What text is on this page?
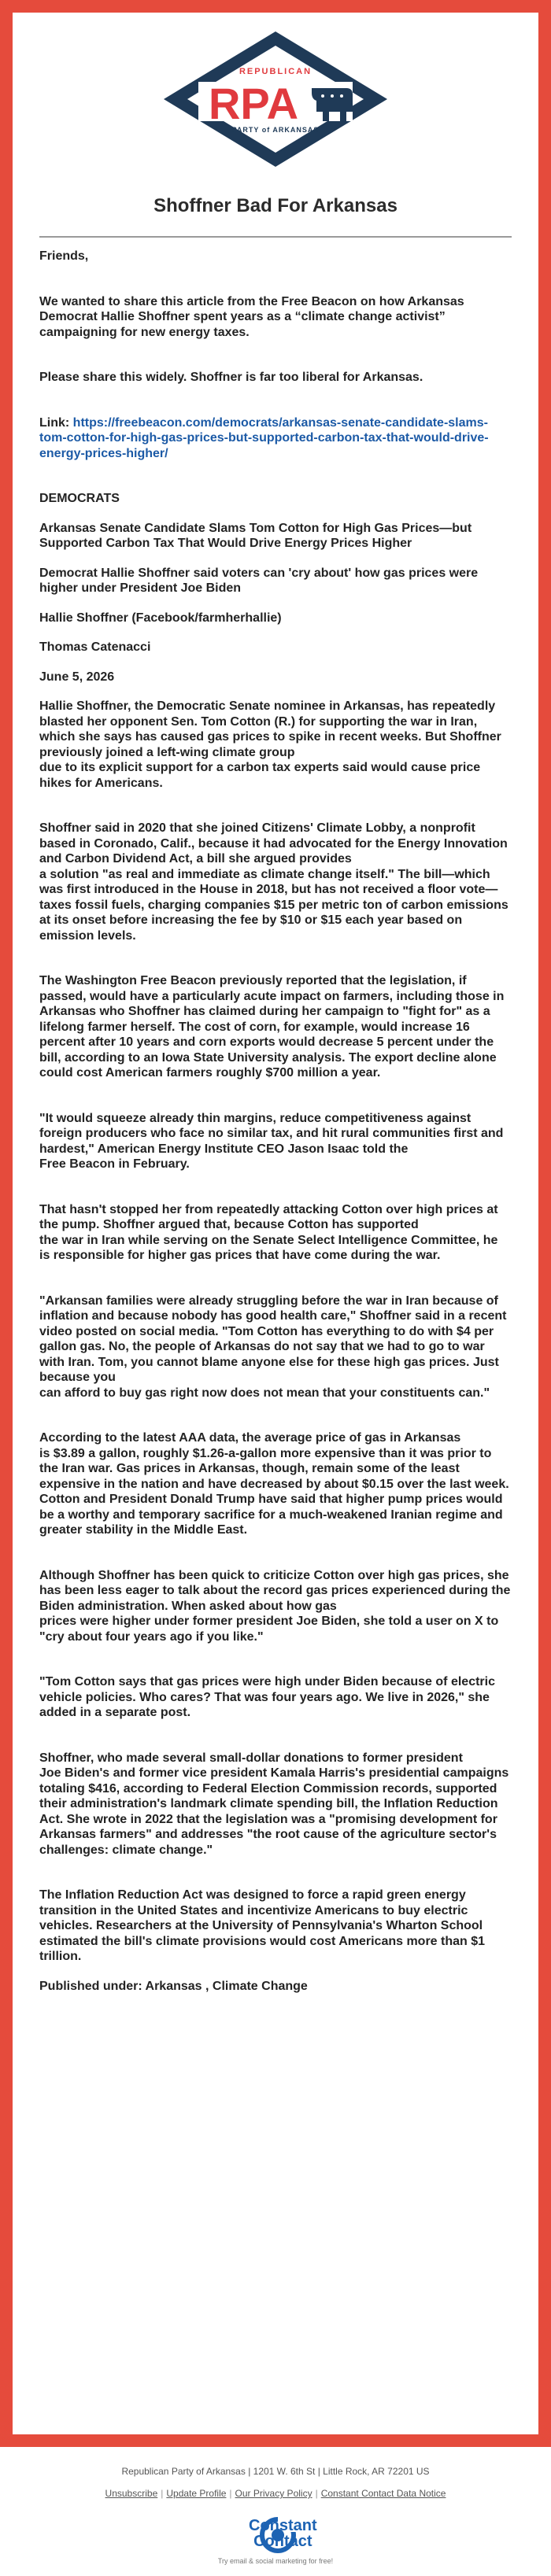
REPUBLICAN
RPA
PARTY of ARKANSAS
Shoffner Bad For Arkansas

Friends,

We wanted to share this article from the Free Beacon on how Arkansas
Democrat Hallie Shoffner spent years as a “climate change activist”
campaigning for new energy taxes.

Please share this widely. Shoffner is far too liberal for Arkansas.

Link: https://freebeacon.com/democrats/arkansas-senate-candidate-slams-tom-cotton-for-high-gas-prices-but-supported-carbon-tax-that-would-drive-energy-prices-higher/

DEMOCRATS

Arkansas Senate Candidate Slams Tom Cotton for High Gas Prices—but
Supported Carbon Tax That Would Drive Energy Prices Higher

Democrat Hallie Shoffner said voters can 'cry about' how gas prices were higher under President Joe Biden

Hallie Shoffner (Facebook/farmherhallie)

Thomas Catenacci

June 5, 2026

Hallie Shoffner, the Democratic Senate nominee in Arkansas, has repeatedly blasted her opponent Sen. Tom Cotton (R.) for supporting the war in Iran, which she says has caused gas prices to spike in recent weeks. But Shoffner previously joined a left-wing climate group
due to its explicit support for a carbon tax experts said would cause price hikes for Americans.

Shoffner said in 2020 that she joined Citizens' Climate Lobby, a nonprofit based in Coronado, Calif., because it had advocated for the Energy Innovation and Carbon Dividend Act, a bill she argued provides
a solution "as real and immediate as climate change itself." The bill—which was first introduced in the House in 2018, but has not received a floor vote—taxes fossil fuels, charging companies $15 per metric ton of carbon emissions at its onset before increasing the fee by $10 or $15 each year based on emission levels.

The Washington Free Beacon previously reported that the legislation, if passed, would have a particularly acute impact on farmers, including those in Arkansas who Shoffner has claimed during her campaign to "fight for" as a lifelong farmer herself. The cost of corn, for example, would increase 16 percent after 10 years and corn exports would decrease 5 percent under the bill, according to an Iowa State University analysis. The export decline alone could cost American farmers roughly $700 million a year.

"It would squeeze already thin margins, reduce competitiveness against
foreign producers who face no similar tax, and hit rural communities first and hardest," American Energy Institute CEO Jason Isaac told the
Free Beacon in February.

That hasn't stopped her from repeatedly attacking Cotton over high prices at the pump. Shoffner argued that, because Cotton has supported
the war in Iran while serving on the Senate Select Intelligence Committee, he is responsible for higher gas prices that have come during the war.

"Arkansan families were already struggling before the war in Iran because of inflation and because nobody has good health care," Shoffner said in a recent video posted on social media. "Tom Cotton has everything to do with $4 per gallon gas. No, the people of Arkansas do not say that we had to go to war with Iran. Tom, you cannot blame anyone else for these high gas prices. Just because you
can afford to buy gas right now does not mean that your constituents can."

According to the latest AAA data, the average price of gas in Arkansas
is $3.89 a gallon, roughly $1.26-a-gallon more expensive than it was prior to the Iran war. Gas prices in Arkansas, though, remain some of the least expensive in the nation and have decreased by about $0.15 over the last week. Cotton and President Donald Trump have said that higher pump prices would be a worthy and temporary sacrifice for a much-weakened Iranian regime and greater stability in the Middle East.

Although Shoffner has been quick to criticize Cotton over high gas prices, she has been less eager to talk about the record gas prices experienced during the Biden administration. When asked about how gas
prices were higher under former president Joe Biden, she told a user on X to "cry about four years ago if you like."

"Tom Cotton says that gas prices were high under Biden because of electric vehicle policies. Who cares? That was four years ago. We live in 2026," she added in a separate post.

Shoffner, who made several small-dollar donations to former president
Joe Biden's and former vice president Kamala Harris's presidential campaigns totaling $416, according to Federal Election Commission records, supported their administration's landmark climate spending bill, the Inflation Reduction Act. She wrote in 2022 that the legislation was a "promising development for Arkansas farmers" and addresses "the root cause of the agriculture sector's challenges: climate change."

The Inflation Reduction Act was designed to force a rapid green energy
transition in the United States and incentivize Americans to buy electric vehicles. Researchers at the University of Pennsylvania's Wharton School estimated the bill's climate provisions would cost Americans more than $1 trillion.

Published under: Arkansas , Climate Change

Republican Party of Arkansas | 1201 W. 6th St | Little Rock, AR 72201 US
Unsubscribe | Update Profile | Our Privacy Policy | Constant Contact Data Notice
Constant
Contact
Try email & social marketing for free!
